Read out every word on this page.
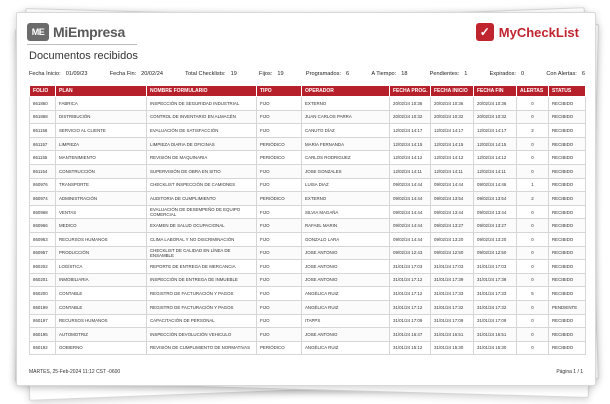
ME MiEmpresa	✓ MyCheckList
Documentos recibidos
Fecha Inicio: 01/09/23	Fecha Fin: 20/02/24	Total Checklists: 19	Fijos: 19	Programados: 6	A Tiempo: 18	Pendientes: 1	Expirados: 0	Con Alertas: 6
FOLIO	PLAN	NOMBRE FORMULARIO	TIPO	OPERADOR	FECHA PROG.	FECHA INICIO	FECHA FIN	ALERTAS	STATUS
861860	FABRICA	INSPECCIÓN DE SEGURIDAD INDUSTRIAL	FIJO	EXTERNO	20/02/24 10:36	20/02/24 10:36	20/02/24 10:36	0	RECIBIDO
861868	DISTRIBUCIÓN	CONTROL DE INVENTARIO EN ALMACÉN	FIJO	JUAN CARLOS PARRA	20/02/24 10:32	20/02/24 10:32	20/02/24 10:32	0	RECIBIDO
861158	SERVICIO AL CLIENTE	EVALUACIÓN DE SATISFACCIÓN	FIJO	CANUTO DÍAZ	12/02/24 14:17	12/02/24 14:17	12/02/24 14:17	2	RECIBIDO
861157	LIMPIEZA	LIMPIEZA DIARIA DE OFICINAS	PERIÓDICO	MARIA FERNANDA	12/02/24 14:15	12/02/24 14:15	12/02/24 14:15	0	RECIBIDO
861155	MANTENIMIENTO	REVISIÓN DE MAQUINARIA	PERIÓDICO	CARLOS RODRIGUEZ	12/02/24 14:12	12/02/24 14:12	12/02/24 14:12	0	RECIBIDO
861154	CONSTRUCCIÓN	SUPERVISIÓN DE OBRA EN SITIO	FIJO	JOSE GONZALES	12/02/24 14:11	12/02/24 14:11	12/02/24 14:11	0	RECIBIDO
860976	TRANSPORTE	CHECKLIST INSPECCIÓN DE CAMIONES	FIJO	LUISA DIAZ	09/02/24 14:44	09/02/24 14:44	09/02/24 14:46	1	RECIBIDO
860974	ADMINISTRACIÓN	AUDITORIA DE CUMPLIMIENTO	PERIÓDICO	EXTERNO	09/02/24 14:44	09/02/24 13:54	09/02/24 13:54	2	RECIBIDO
860968	VENTAS	EVALUACIÓN DE DESEMPEÑO DE EQUIPO COMERCIAL	FIJO	SILVIA MAGAÑA	09/02/24 14:44	09/02/24 13:44	09/02/24 13:44	0	RECIBIDO
860966	MEDICO	EXAMEN DE SALUD OCUPACIONAL	FIJO	RAFAEL MARIN	09/02/24 14:44	09/02/24 13:27	09/02/24 13:27	0	RECIBIDO
860963	RECURSOS HUMANOS	CLIMA LABORAL Y NO DISCRIMINACIÓN	FIJO	GONZALO LARA	09/02/24 14:44	09/02/24 13:20	09/02/24 13:20	0	RECIBIDO
860957	PRODUCCIÓN	CHECKLIST DE CALIDAD EN LÍNEA DE ENSAMBLE	FIJO	JOSE ANTONIO	09/02/24 12:43	09/02/24 12:50	09/02/24 12:50	0	RECIBIDO
860202	LOGÍSTICA	REPORTE DE ENTREGA DE MERCANCIA	FIJO	JOSE ANTONIO	31/01/24 17:03	31/01/24 17:03	31/01/24 17:03	0	RECIBIDO
860201	INMOBILIARIA	INSPECCIÓN DE ENTREGA DE INMUEBLE	FIJO	JOSE ANTONIO	31/01/24 17:12	31/01/24 17:39	31/01/24 17:39	0	RECIBIDO
860200	CONTABLE	REGISTRO DE FACTURACIÓN Y PAGOS	FIJO	ANGÉLICA RUIZ	31/01/24 17:12	31/01/24 17:33	31/01/24 17:33	5	RECIBIDO
860199	CONTABLE	REGISTRO DE FACTURACIÓN Y PAGOS	FIJO	ANGÉLICA RUIZ	31/01/24 17:12	31/01/24 17:32	31/01/24 17:32	0	PENDIENTE
860197	RECURSOS HUMANOS	CAPACITACIÓN DE PERSONAL	FIJO	ITAPPS	31/01/24 17:09	31/01/24 17:09	31/01/24 17:09	0	RECIBIDO
860195	AUTOMOTRIZ	INSPECCIÓN DEVOLUCIÓN VEHICULO	FIJO	JOSE ANTONIO	31/01/24 16:47	31/01/24 16:51	31/01/24 16:51	0	RECIBIDO
860192	GOBIERNO	REVISIÓN DE CUMPLIMIENTO DE NORMATIVAS	PERIÓDICO	ANGÉLICA RUIZ	31/01/24 15:12	31/01/24 15:30	31/01/24 15:30	0	RECIBIDO
MARTES, 25-Feb-2024 11:12 CST -0600	Página 1 / 1
